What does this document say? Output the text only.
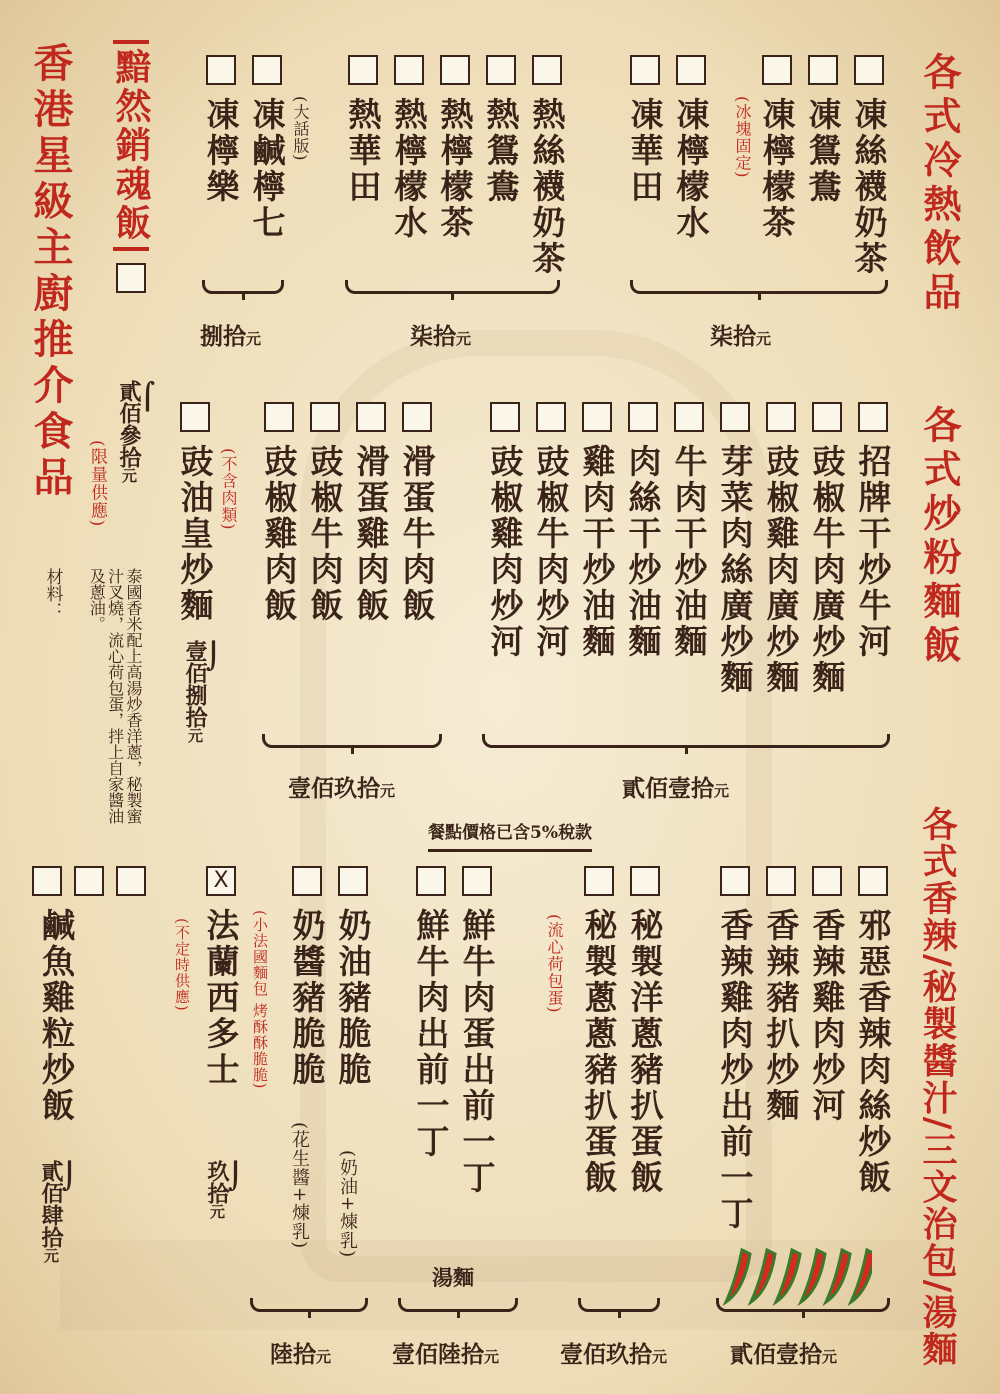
各式冷熱飲品
各式炒粉麵飯
各式香辣/秘製醬汁/三文治包/湯麵
香港星級主廚推介食品	凍絲襪奶茶
凍鴛鴦
凍檸檬茶
(冰塊固定)
凍檸檬水
凍華田
柒拾元
熱絲襪奶茶
熱鴛鴦
熱檸檬茶
熱檸檬水
熱華田
柒拾元
(大話版)
凍鹹檸七
凍檸樂
捌拾元
黯然銷魂飯
⌠
貳佰參拾元
(限量供應)
材料：	泰國香米配上高湯炒香洋蔥，秘製蜜汁叉燒，流心荷包蛋，拌上自家醬油及蔥油。	招牌干炒牛河
豉椒牛肉廣炒麵
豉椒雞肉廣炒麵
芽菜肉絲廣炒麵
牛肉干炒油麵
肉絲干炒油麵
雞肉干炒油麵
豉椒牛肉炒河
豉椒雞肉炒河
貳佰壹拾元
滑蛋牛肉飯
滑蛋雞肉飯
豉椒牛肉飯
豉椒雞肉飯
壹佰玖拾元
(不含肉類)
豉油皇炒麵
⌡
壹佰捌拾元
餐點價格已含5%稅款
邪惡香辣肉絲炒飯
香辣雞肉炒河
香辣豬扒炒麵
香辣雞肉炒出前一丁
貳佰壹拾元
秘製洋蔥豬扒蛋飯
秘製蔥蔥豬扒蛋飯
(流心荷包蛋)
壹佰玖拾元
鮮牛肉蛋出前一丁
鮮牛肉出前一丁
湯麵
壹佰陸拾元
奶油豬脆脆
奶醬豬脆脆
(奶油+煉乳)
(花生醬+煉乳)
(小法國麵包 烤酥酥脆脆)
陸拾元
X
法蘭西多士
(不定時供應)
⌡
玖拾元
鹹魚雞粒炒飯
⌡
貳佰肆拾元
